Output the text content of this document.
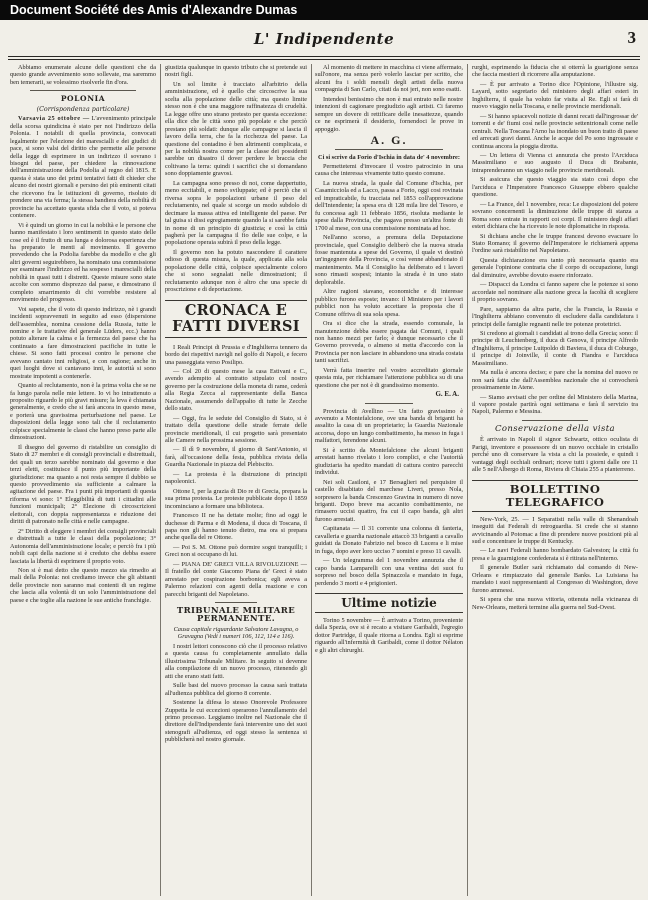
Document Société des Amis d'Alexandre Dumas
L' Indipendente	3

Abbiamo enumerate alcune delle questioni che da questo grande avvenimento sono sollevate, ma saremmo ben temerarii, se volessimo risolverle fin d'ora.

POLONIA
(Corrispondenza particolare)

Varsavia 25 ottobre — L'avvenimento principale della scorsa quindicina è stato per noi l'indirizzo della Polonia. I notabili di quella provincia, convocati legalmente per l'elezione dei marescialli e dei giudici di pace, si sono valsi del diritto che permette alle persone della legge di esprimere in un indirizzo il sovrano i bisogni del paese, per chiedere la rinnovazione dell'amministrazione della Podolia al regno del 1815. E questa è stata uno dei primi tentativi fatti di chieder che alcuno dei nostri giornali e persino dei più eminenti citati che ricevono fra le istituzioni di governo, risoluto di prendere una via ferma; la stessa bandiera della nobiltà di provincie ha accettato questa sfida che il voto, si poteva contenere.

Vi è quindi un giorno in cui la nobiltà e le persone che hanno manifestato i loro sentimenti in questo stato delle cose ed è il frutto di una lunga e dolorosa esperienza che ha preparato le menti al movimento. Il governo prevedendo che la Podolia farebbe da modello e che gli altri governi seguirebbero, ha nominato una commissione per esaminare l'indirizzo ed ha sospeso i marescialli della nobiltà in quasi tutti i distretti. Queste misure sono state accolte con sommo disprezzo dal paese, e dimostrano il completo smarrimento di chi vorrebbe resistere al movimento del progresso.

Voi sapete, che il voto di questo indirizzo, nè i grandi incidenti sopravvenuti in seguito ad esso (dispersione dell'assemblea, nomina cessione della Russia, tutte le nomine e le trattative del generale Lüders, ecc.) hanno potuto alterare la calma e la fermezza del paese che ha continuato a fare dimostrazioni pacifiche in tutte le chiese. Si sono fatti processi contro le persone che avevano cantato inni religiosi, e con ragione; anche in quei luoghi dove si cantavano inni, le autorità si sono mostrate impotenti a contenerle.

Quanto al reclutamento, non è la prima volta che se ne fa lungo parola nelle mie lettere. Io vi ho intrattenuto a proposito riguardo le più gravi misure; la leva è chiamata generalmente, e credo che si farà ancora in questo mese, e porterà una gravissima perturbazione nel paese. Le disposizioni della legge sono tali che il reclutamento colpisce specialmente le classi che hanno preso parte alle dimostrazioni.

Il disegno del governo di ristabilire un consiglio di Stato di 27 membri e di consigli provinciali e distrettuali, dei quali un terzo sarebbe nominato dal governo e due terzi eletti, costituisce il punto più importante della giurisdizione: ma quanto a noi resta sempre il dubbio se questo provvedimento sia sufficiente a calmare la agitazione del paese. Fra i punti più importanti di questa riforma vi sono: 1° Eleggibilità di tutti i cittadini alle funzioni municipali; 2° Elezione di circoscrizioni elettorali, con doppia rappresentanza e riduzione dei diritti di patronato nelle città e nelle campagne.

2° Diritto di eleggere i membri dei consigli provinciali e distrettuali a tutte le classi della popolazione; 3° Autonomia dell'amministrazione locale; e perciò fra i più nobili capi della nazione si è creduto che debba essere lasciata la libertà di esprimere il proprio voto.

Non si è mai detto che questo mezzo sia rimedio ai mali della Polonia: noi crediamo invece che gli abitanti delle provincie non saranno mai contenti di un regime che lascia alla volontà di un solo l'amministrazione del paese e che toglie alla nazione le sue antiche franchigie.

giustizia qualunque in questo tributo che si pretende sui nostri figli.

Un sol limite è tracciato all'arbitrio della amministrazione, ed è quello che circoscrive la sua scelta alla popolazione delle città; ma questo limite stesso non è che una maggiore raffinatezza di crudeltà. La legge offre uno strano pretesto per questa eccezione: ella dice che le città sono più popolate e che perciò prestano più soldati: dunque alle campagne si lascia il lavoro della terra, che fa la ricchezza del paese. La questione del contadino è ben altrimenti complicata, e per la nobiltà nostra come per la classe dei possidenti sarebbe un disastro il dover perdere le braccia che coltivano la terra: quindi i sacrifici che si domandano sono doppiamente gravosi.

La campagna sono presso di noi, come dappertutto, meno eccitabili, e meno sviluppate; ed è perciò che si riversa sopra le popolazioni urbane il peso del reclutamento, nel quale si scorge un modo subdolo di decimare la massa attiva ed intelligente del paese. Per tal guisa si dissi egregiamente quando la si sarebbe fatta in nome di un principio di giustizia; e così la città pagherà per la campagna il fio delle sue colpe, e la popolazione operaia subirà il peso della legge.

Il governo non ha potuto nascondere il carattere odioso di questa misura, la quale, applicata alla sola popolazione delle città, colpisce specialmente coloro che si sono segnalati nelle dimostrazioni; il reclutamento adunque non è altro che una specie di proscrizione e di deportazione.

CRONACA E FATTI DIVERSI

I Reali Principi di Prussia e d'Inghilterra tennero da bordo dei rispettivi navigli nel golfo di Napoli, e fecero una passeggiata verso Posilipo.

— Col 20 di questo mese la casa Estivani e C., avendo adempito al contratto stipulato col nostro governo per la costruzione della moneta di rame, cederà alla Regia Zecca al rappresentante della Banca Nazionale, assumendo dell'appalto di tutte le Zecche dello stato.

— Oggi, fra le sedute del Consiglio di Stato, si è trattato della questione delle strade ferrate delle provincie meridionali, il cui progetto sarà presentato alle Camere nella prossima sessione.

— Il dì 9 novembre, il giorno di Sant'Antonio, si farà, all'occasione della festa, pubblica rivista della Guardia Nazionale in piazza del Plebiscito.

— La protesta è la distruzione di principii napoleonici.

Ottone I, per la grazia di Dio re di Grecia, prepara la sua prima protesta. Le proteste pubblicate dopo il 1859 incominciano a formare una biblioteca.

Francesco II ne ha dettate molte; fino ad oggi le duchesse di Parma e di Modena, il duca di Toscana, il papa non gli hanno tenuto dietro, ma ora si prepara anche quella del re Ottone.

— Poi S. M. Ottone può dormire sogni tranquilli; i Greci non si occupano di lui.

— PIANA DE' GRECI VILLA RIVOLUZIONE — Il fratello del conte Giacomo Piana de' Greci è stato arrestato per cospirazione borbonica; egli aveva a Palermo relazioni con agenti della reazione e con parecchi briganti del Napoletano.

TRIBUNALE MILITARE PERMANENTE.

Causa capitale riguardante Salvatore Lavagna, o Gravagna (Vedi i numeri 106, 112, 114 e 116).

I nostri lettori conoscono ciò che il processo relativo a questa causa fu completamente annullato dalla illustrissima Tribunale Militare. In seguito si devenne alla compilazione di un nuovo processo, ritenendo gli atti che erano stati fatti.

Sulle basi del nuovo processo la causa sarà trattata all'udienza pubblica del giorno 8 corrente.

Sostenne la difesa lo stesso Onorevole Professore Zuppetta le cui eccezioni operarono l'annullamento del primo processo. Leggiamo inoltre nel Nazionale che il direttore dell'Indipendente farà intervenire uno dei suoi stenografi all'udienza, ed oggi stesso la sentenza si pubblicherà nel nostro giornale.

Al momento di mettere in macchina ci viene affermato, sull'onore, ma senza però volerlo lasciar per scritto, che alcuni fra i soldi mensili degli artisti della nuova compagnia di San Carlo, citati da noi jeri, non sono esatti.

Intendesi benissimo che non è mai entrato nelle nostre intenzioni di cagionare pregiudizio agli artisti. Ci faremo sempre un dovere di rettificare delle inesattezze, quando ce ne esprimerà il desiderio, fornendoci le prove in appoggio.

A. G.

Ci si scrive da Forio d'Ischia in data de' 4 novembre:

Permettetemi d'invocare il vostro patrocinio in una causa che interessa vivamente tutto questo comune.

La nuova strada, la quale dal Comune d'Ischia, per Casamicciola ed a Lacco, passa a Forio, oggi cosi rovinata ed impraticabile, fu tracciata nel 1853 coll'approvazione dell'Intendente; la spesa era di 128 mila lire del Tesoro, e fu concessa agli 11 febbraio 1856, risoluta mediante le spese dalla Provincia, che pagava presso un'altra fonte di 1700 al mese, con una commissione nominata ad hoc.

Nell'anno scorso, a premura della Deputazione provinciale, quel Consiglio deliberò che la nuova strada fosse mantenuta a spese del Governo, il quale vi destinò un'ingegnere della Provincia, e così venne abbandonato il mantenimento. Ma il Consiglio ha deliberato ed i lavori sono rimasti sospesi; intanto la strada è in uno stato deplorabile.

Altre ragioni stavano, economiche e di interesse pubblico furono esposte; invano: il Ministero per i lavori pubblici non ha voluto accettare la proposta che il Comune offriva di sua sola spesa.

Ora si dice che la strada, essendo comunale, la manutenzione debba essere pagata dai Comuni, i quali non hanno mezzi per farlo; è dunque necessario che il Governo provveda, o almeno si metta d'accordo con la Provincia per non lasciare in abbandono una strada costata tanti sacrifizi.

Verrà fatta inserire nel vostro accreditato giornale questa mia, per richiamare l'attenzione pubblica su di una questione che per noi è di grandissimo momento.

G. E. A.

Provincia di Avellino — Un fatto gravissimo è avvenuto a Montefalcione, ove una banda di briganti ha assalito la casa di un proprietario; la Guardia Nazionale accorsa, dopo un lungo combattimento, ha messo in fuga i malfattori, ferendone alcuni.

Si è scritto da Montefalcione che alcuni briganti arrestati hanno rivelato i loro complici, e che l'autorità giudiziaria ha spedito mandati di cattura contro parecchi individui.

Nei soli Casiloni, e 17 Bersaglieri nel perquisire il castello disabitato del marchese Liveri, presso Nola, sorpresero la banda Crescenzo Gravina in numero di nove briganti. Dopo breve ma accanito combattimento, ne rimasero uccisi quattro, fra cui il capo banda, gli altri furono arrestati.

Capitanata — Il 31 corrente una colonna di fanteria, cavalleria e guardia nazionale attaccò 33 briganti a cavallo guidati da Donato Fabrizio nel bosco di Lucera e li mise in fuga, dopo aver loro ucciso 7 uomini e preso 11 cavalli.

— Un telegramma del 1 novembre annunzia che il capo banda Lamparelli con una ventina dei suoi fu sorpreso nel bosco della Spinazzola e mandato in fuga, perdendo 3 morti e 4 prigionieri.

Ultime notizie

Torino 5 novembre — È arrivato a Torino, proveniente dalla Spezia, ove si è recato a visitare Garibaldi, l'egregio dottor Partridge, il quale ritorna a Londra. Egli si esprime riguardo all'infermità di Garibaldi, come il dottor Nélaton e gli altri chirurghi.

rurghi, esprimendo la fiducia che si otterrà la guarigione senza che faccia mestieri di ricorrere alla amputazione.

— È pur arrivato a Torino dice l'Opinione, l'illustre sig. Layard, sotto segretario del ministero degli affari esteri in Inghilterra, il quale ha voluto far visita al Re. Egli si farà di nuovo viaggio nella Toscana, e nelle provincie meridionali.

— Si hanno spiacevoli notizie di danni recati dall'ingrossar de' torrenti e de' fiumi così nelle provincie settentrionali come nelle centrali. Nella Toscana l'Arno ha inondato un buon tratto di paese ed arrecati gravi danni. Anche le acque del Po sono ingrossate e continua ancora la pioggia dirotta.

— Un lettera di Vienna ci annunzia che presto l'Arciduca Massimiliano e suo augusto il Duca di Brabante, intraprenderanno un viaggio nelle provincie meridionali.

Si assicura che questo viaggio sia stato così dopo che l'arciduca e l'Imperatore Francesco Giuseppe ebbero qualche questione.

— La France, del 1 novembre, reca: Le disposizioni del potere sovrano concernenti la diminuzione delle truppe di stanza a Roma sono entrate in rapporti coi corpi. Il ministero degli affari esteri dichiara che ha ricevuto le note diplomatiche in risposta.

Si dichiara anche che le truppe francesi devono evacuare lo Stato Romano; il governo dell'Imperatore le richiamerà appena l'ordine sarà ristabilito nel Napoletano.

Questa dichiarazione era tanto più necessaria quanto era generale l'opinione contraria che il corpo di occupazione, lungi dal diminuire, avrebbe dovuto essere rinforzato.

— Dispacci da Londra ci fanno sapere che le potenze si sono accordate nel nominare alla nazione greca la facoltà di scegliere il proprio sovrano.

Pare, sappiamo da altra parte, che la Francia, la Russia e l'Inghilterra abbiano convenuto di escludere dalla candidatura i principi delle famiglie regnanti nelle tre potenze protettrici.

Si credono ai giornali i candidati al trono della Grecia; sono: il principe di Leuchtenberg, il duca di Genova, il principe Alfredo d'Inghilterra, il principe Luitpoldo di Baviera, il duca di Coburgo, il principe di Joinville, il conte di Fiandra e l'arciduca Massimiliano.

Ma nulla è ancora deciso; e pare che la nomina del nuovo re non sarà fatta che dall'Assemblea nazionale che si convocherà prossimamente in Atene.

— Siamo avvisati che per ordine del Ministero della Marina, il vapore postale partirà ogni settimana e farà il servizio tra Napoli, Palermo e Messina.

Conservazione della vista

È arrivato in Napoli il signor Schwartz, ottico oculista di Parigi, inventore e possessore di un nuovo occhiale in cristallo perché uno di conservare la vista a chi la possiede, e quindi i vantaggi degli occhiali ordinari; riceve tutti i giorni dalle ore 11 alle 5 nell'Albergo di Roma, Riviera di Chiaia 255 a pianterreno.

BOLLETTINO TELEGRAFICO

New-York, 25. — I Separatisti nella valle di Shenandoah inseguiti dai Federali di retroguardia. Si crede che si stanno avvicinando al Potomac a fine di prendere nuove posizioni più al sud e concentrare le truppe di Kentucky.

— Le navi Federali hanno bombardato Galveston; la città fu presa e la guarnigione confederata si è ritirata nell'interno.

Il generale Butler sarà richiamato dal comando di New-Orleans e rimpiazzato dal generale Banks. La Luisiana ha mandato i suoi rappresentanti al Congresso di Washington, dove furono ammessi.

Si spera che una nuova vittoria, ottenuta nella vicinanza di New-Orleans, metterà termine alla guerra nel Sud-Ovest.
